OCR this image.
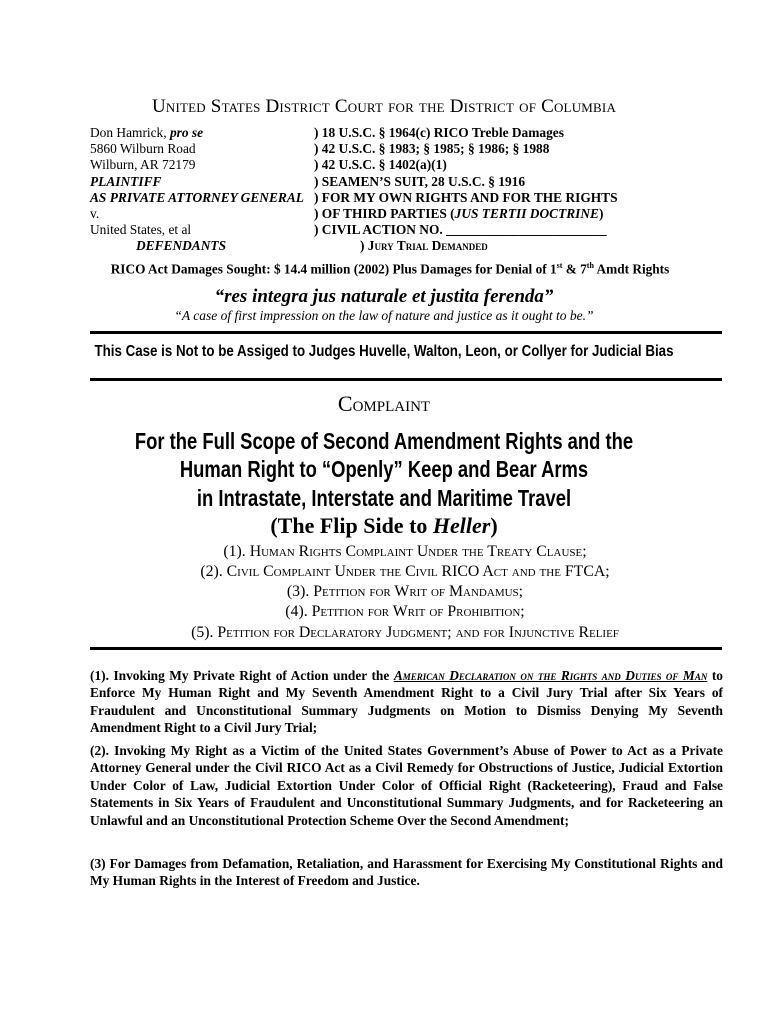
United States District Court for the District of Columbia
Don Hamrick, pro se	) 18 U.S.C. § 1964(c) RICO Treble Damages
5860 Wilburn Road	) 42 U.S.C. § 1983; § 1985; § 1986; § 1988
Wilburn, AR 72179	) 42 U.S.C. § 1402(a)(1)
PLAINTIFF	) SEAMEN’S SUIT, 28 U.S.C. § 1916
AS PRIVATE ATTORNEY GENERAL ) FOR MY OWN RIGHTS AND FOR THE RIGHTS
v.	) OF THIRD PARTIES (JUS TERTII DOCTRINE)
United States, et al	) CIVIL ACTION NO. ________________________
DEFENDANTS	) Jury Trial Demanded
RICO Act Damages Sought: $ 14.4 million (2002) Plus Damages for Denial of 1st & 7th Amdt Rights
“res integra jus naturale et justita ferenda”
“A case of first impression on the law of nature and justice as it ought to be.”
This Case is Not to be Assiged to Judges Huvelle, Walton, Leon, or Collyer for Judicial Bias
Complaint
For the Full Scope of Second Amendment Rights and the
Human Right to “Openly” Keep and Bear Arms
in Intrastate, Interstate and Maritime Travel
(The Flip Side to Heller)
(1). Human Rights Complaint Under the Treaty Clause;
(2). Civil Complaint Under the Civil RICO Act and the FTCA;
(3). Petition for Writ of Mandamus;
(4). Petition for Writ of Prohibition;
(5). Petition for Declaratory Judgment; and for Injunctive Relief
(1). Invoking My Private Right of Action under the American Declaration on the Rights and Duties of Man to Enforce My Human Right and My Seventh Amendment Right to a Civil Jury Trial after Six Years of Fraudulent and Unconstitutional Summary Judgments on Motion to Dismiss Denying My Seventh Amendment Right to a Civil Jury Trial;
(2). Invoking My Right as a Victim of the United States Government’s Abuse of Power to Act as a Private Attorney General under the Civil RICO Act as a Civil Remedy for Obstructions of Justice, Judicial Extortion Under Color of Law, Judicial Extortion Under Color of Official Right (Racketeering), Fraud and False Statements in Six Years of Fraudulent and Unconstitutional Summary Judgments, and for Racketeering an Unlawful and an Unconstitutional Protection Scheme Over the Second Amendment;
(3) For Damages from Defamation, Retaliation, and Harassment for Exercising My Constitutional Rights and My Human Rights in the Interest of Freedom and Justice.
